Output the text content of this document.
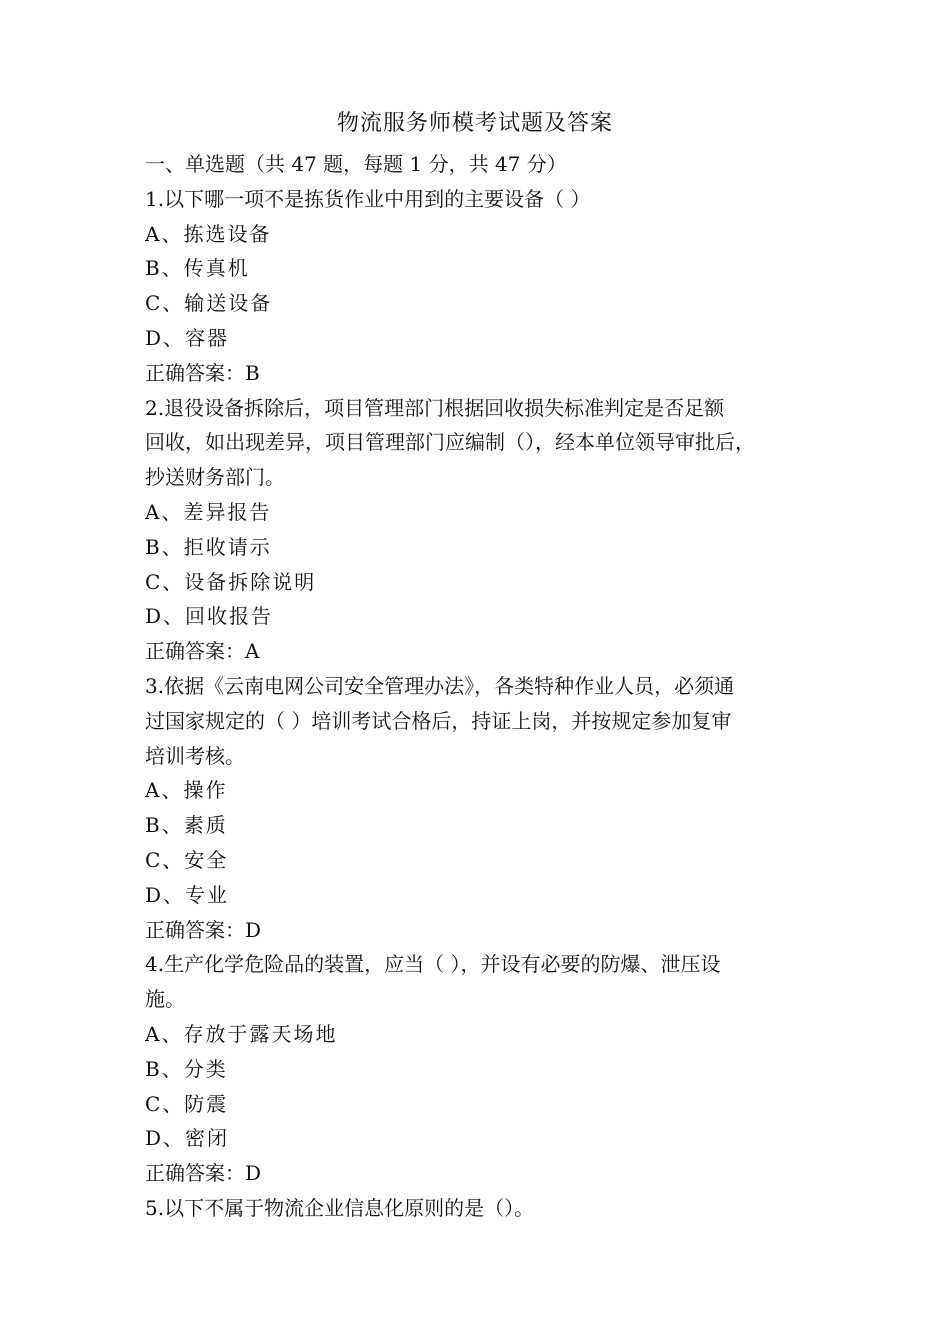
物流服务师模考试题及答案
一、单选题（共 47 题，每题 1 分，共 47 分）
1.以下哪一项不是拣货作业中用到的主要设备（ ）
A、拣选设备
B、传真机
C、输送设备
D、容器
正确答案：B
2.退役设备拆除后，项目管理部门根据回收损失标准判定是否足额
回收，如出现差异，项目管理部门应编制（），经本单位领导审批后，
抄送财务部门。
A、差异报告
B、拒收请示
C、设备拆除说明
D、回收报告
正确答案：A
3.依据《云南电网公司安全管理办法》，各类特种作业人员，必须通
过国家规定的（ ）培训考试合格后，持证上岗，并按规定参加复审
培训考核。
A、操作
B、素质
C、安全
D、专业
正确答案：D
4.生产化学危险品的装置，应当（ ），并设有必要的防爆、泄压设
施。
A、存放于露天场地
B、分类
C、防震
D、密闭
正确答案：D
5.以下不属于物流企业信息化原则的是（）。
